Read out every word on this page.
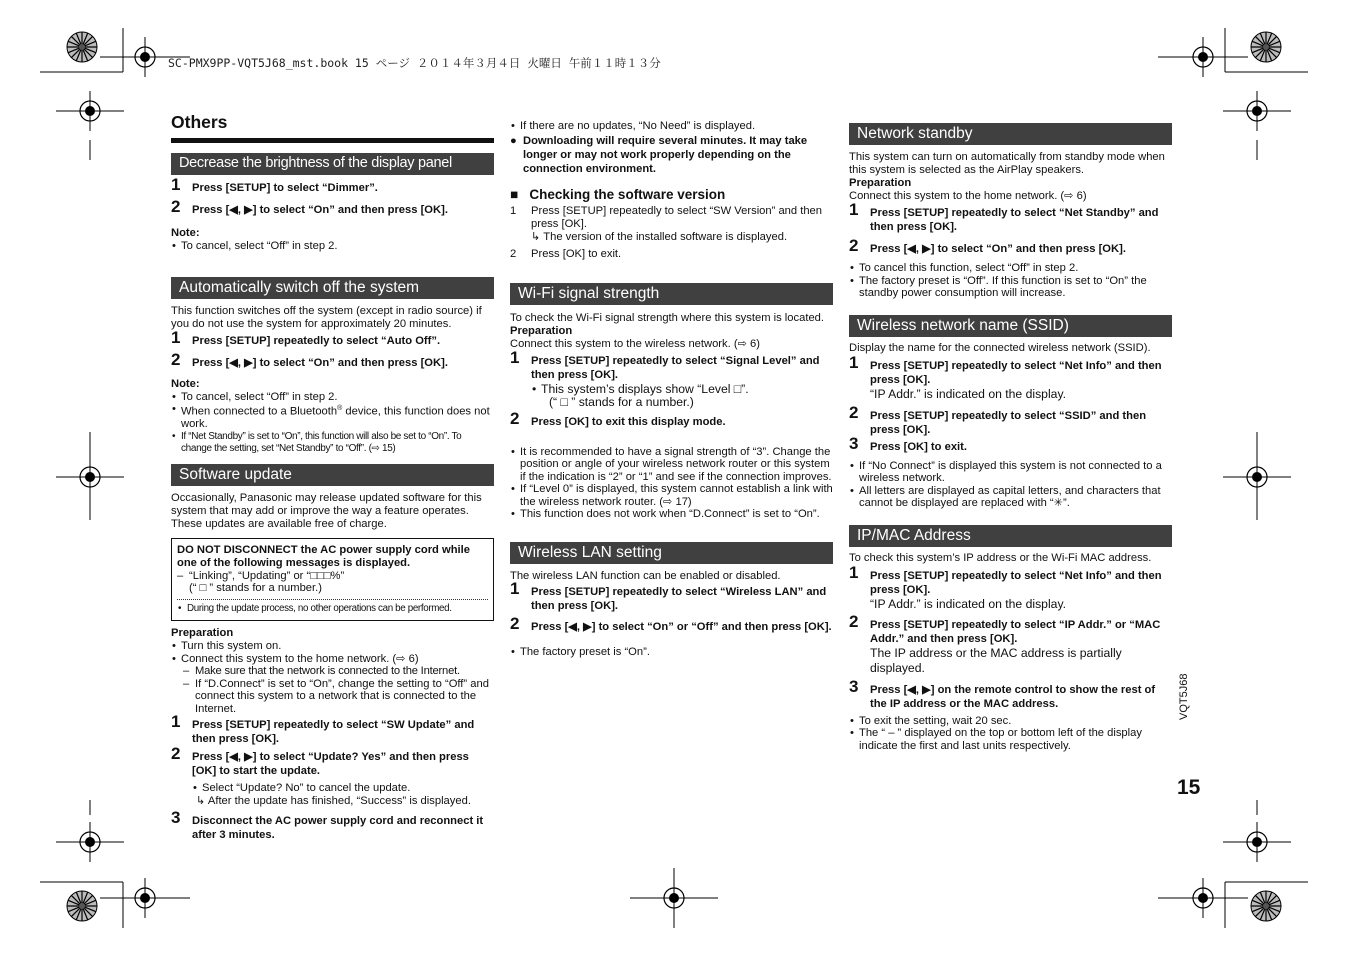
SC-PMX9PP-VQT5J68_mst.book 15 ページ ２０１４年３月４日 火曜日 午前１１時１３分
Others
Decrease the brightness of the display panel
1 Press [SETUP] to select “Dimmer”.
2 Press [◀, ▶] to select “On” and then press [OK].
Note:
• To cancel, select “Off” in step 2.
Automatically switch off the system
This function switches off the system (except in radio source) if you do not use the system for approximately 20 minutes.
1 Press [SETUP] repeatedly to select “Auto Off”.
2 Press [◀, ▶] to select “On” and then press [OK].
Note:
• To cancel, select “Off” in step 2.
• When connected to a Bluetooth® device, this function does not work.
• If “Net Standby” is set to “On”, this function will also be set to “On”. To change the setting, set “Net Standby” to “Off”. (⇨ 15)
Software update
Occasionally, Panasonic may release updated software for this system that may add or improve the way a feature operates. These updates are available free of charge.
DO NOT DISCONNECT the AC power supply cord while one of the following messages is displayed.
– “Linking”, “Updating” or “□□□%”
(“ □ ” stands for a number.)
• During the update process, no other operations can be performed.
Preparation
• Turn this system on.
• Connect this system to the home network. (⇨ 6)
– Make sure that the network is connected to the Internet.
– If “D.Connect” is set to “On”, change the setting to “Off” and connect this system to a network that is connected to the Internet.
1 Press [SETUP] repeatedly to select “SW Update” and then press [OK].
2 Press [◀, ▶] to select “Update? Yes” and then press [OK] to start the update.
• Select “Update? No” to cancel the update.
↳ After the update has finished, “Success” is displayed.
3 Disconnect the AC power supply cord and reconnect it after 3 minutes.
• If there are no updates, “No Need” is displayed.
● Downloading will require several minutes. It may take longer or may not work properly depending on the connection environment.
■ Checking the software version
1 Press [SETUP] repeatedly to select “SW Version” and then press [OK].
↳ The version of the installed software is displayed.
2 Press [OK] to exit.
Wi-Fi signal strength
To check the Wi-Fi signal strength where this system is located.
Preparation
Connect this system to the wireless network. (⇨ 6)
1 Press [SETUP] repeatedly to select “Signal Level” and then press [OK].
• This system’s displays show “Level □”.
(“ □ ” stands for a number.)
2 Press [OK] to exit this display mode.
• It is recommended to have a signal strength of “3”. Change the position or angle of your wireless network router or this system if the indication is “2” or “1” and see if the connection improves.
• If “Level 0” is displayed, this system cannot establish a link with the wireless network router. (⇨ 17)
• This function does not work when “D.Connect” is set to “On”.
Wireless LAN setting
The wireless LAN function can be enabled or disabled.
1 Press [SETUP] repeatedly to select “Wireless LAN” and then press [OK].
2 Press [◀, ▶] to select “On” or “Off” and then press [OK].
• The factory preset is “On”.
Network standby
This system can turn on automatically from standby mode when this system is selected as the AirPlay speakers.
Preparation
Connect this system to the home network. (⇨ 6)
1 Press [SETUP] repeatedly to select “Net Standby” and then press [OK].
2 Press [◀, ▶] to select “On” and then press [OK].
• To cancel this function, select “Off” in step 2.
• The factory preset is “Off”. If this function is set to “On” the standby power consumption will increase.
Wireless network name (SSID)
Display the name for the connected wireless network (SSID).
1 Press [SETUP] repeatedly to select “Net Info” and then press [OK].
“IP Addr.” is indicated on the display.
2 Press [SETUP] repeatedly to select “SSID” and then press [OK].
3 Press [OK] to exit.
• If “No Connect” is displayed this system is not connected to a wireless network.
• All letters are displayed as capital letters, and characters that cannot be displayed are replaced with “✳”.
IP/MAC Address
To check this system’s IP address or the Wi-Fi MAC address.
1 Press [SETUP] repeatedly to select “Net Info” and then press [OK].
“IP Addr.” is indicated on the display.
2 Press [SETUP] repeatedly to select “IP Addr.” or “MAC Addr.” and then press [OK].
The IP address or the MAC address is partially displayed.
3 Press [◀, ▶] on the remote control to show the rest of the IP address or the MAC address.
• To exit the setting, wait 20 sec.
• The “ – ” displayed on the top or bottom left of the display indicate the first and last units respectively.
VQT5J68
15
